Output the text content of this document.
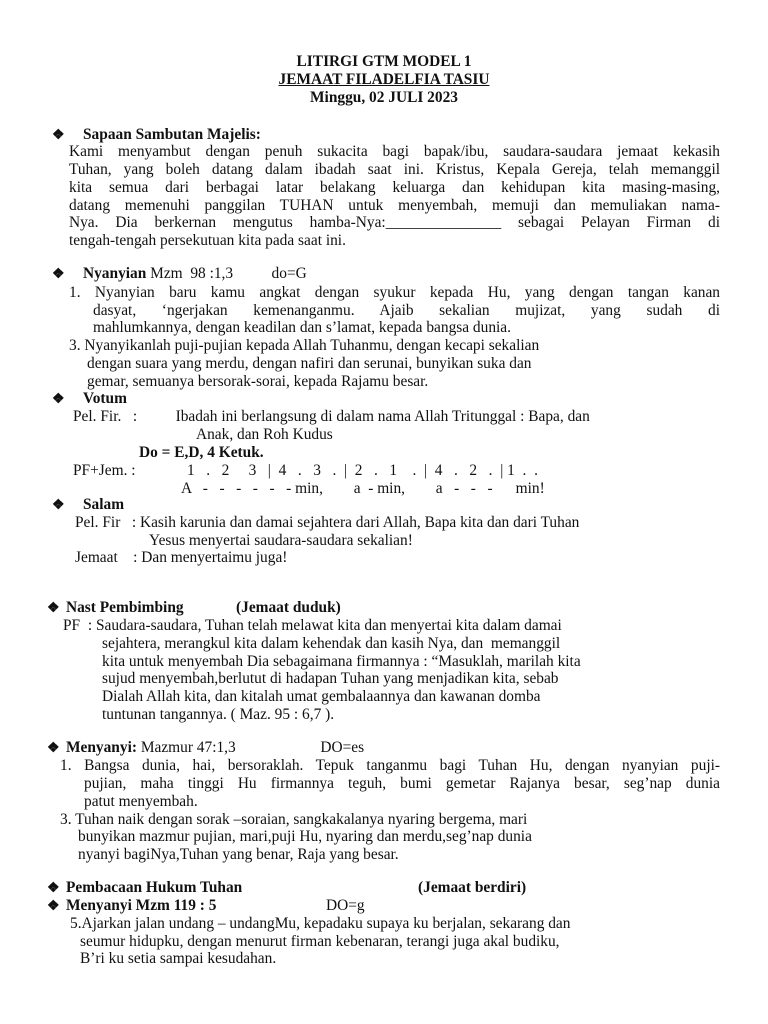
LITIRGI GTM MODEL 1
JEMAAT FILADELFIA TASIU
Minggu, 02 JULI 2023
❖ Sapaan Sambutan Majelis:
Kami menyambut dengan penuh sukacita bagi bapak/ibu, saudara-saudara jemaat kekasih
Tuhan, yang boleh datang dalam ibadah saat ini. Kristus, Kepala Gereja, telah memanggil
kita semua dari berbagai latar belakang keluarga dan kehidupan kita masing-masing,
datang memenuhi panggilan TUHAN untuk menyembah, memuji dan memuliakan nama-
Nya. Dia berkernan mengutus hamba-Nya:_______________ sebagai Pelayan Firman di
tengah-tengah persekutuan kita pada saat ini.
❖ Nyanyian Mzm  98 :1,3          do=G
1. Nyanyian baru kamu angkat dengan syukur kepada Hu, yang dengan tangan kanan
dasyat, ‘ngerjakan kemenanganmu. Ajaib sekalian mujizat, yang sudah di
mahlumkannya, dengan keadilan dan s’lamat, kepada bangsa dunia.
3. Nyanyikanlah puji-pujian kepada Allah Tuhanmu, dengan kecapi sekalian
dengan suara yang merdu, dengan nafiri dan serunai, bunyikan suka dan
gemar, semuanya bersorak-sorai, kepada Rajamu besar.
❖ Votum
Pel. Fir.   :          Ibadah ini berlangsung di dalam nama Allah Tritunggal : Bapa, dan
Anak, dan Roh Kudus
Do = E,D, 4 Ketuk.
PF+Jem. :	1   .   2     3   |  4   .   3   .  |  2   .   1    .  |  4   .   2   .  | 1  .  .
A   -   -   -   -   -   - min,        a  - min,        a   -   -   -      min!
❖ Salam
Pel. Fir   : Kasih karunia dan damai sejahtera dari Allah, Bapa kita dan dari Tuhan
Yesus menyertai saudara-saudara sekalian!
Jemaat    : Dan menyertaimu juga!
❖ Nast Pembimbing	(Jemaat duduk)
PF  : Saudara-saudara, Tuhan telah melawat kita dan menyertai kita dalam damai
sejahtera, merangkul kita dalam kehendak dan kasih Nya, dan  memanggil
kita untuk menyembah Dia sebagaimana firmannya : “Masuklah, marilah kita
sujud menyembah,berlutut di hadapan Tuhan yang menjadikan kita, sebab
Dialah Allah kita, dan kitalah umat gembalaannya dan kawanan domba
tuntunan tangannya. ( Maz. 95 : 6,7 ).
❖ Menyanyi: Mazmur 47:1,3                      DO=es
1. Bangsa dunia, hai, bersoraklah. Tepuk tanganmu bagi Tuhan Hu, dengan nyanyian puji-
pujian, maha tinggi Hu firmannya teguh, bumi gemetar Rajanya besar, seg’nap dunia
patut menyembah.
3. Tuhan naik dengan sorak –soraian, sangkakalanya nyaring bergema, mari
bunyikan mazmur pujian, mari,puji Hu, nyaring dan merdu,seg’nap dunia
nyanyi bagiNya,Tuhan yang benar, Raja yang besar.
❖ Pembacaan Hukum Tuhan	(Jemaat berdiri)
❖ Menyanyi Mzm 119 : 5	DO=g
5.Ajarkan jalan undang – undangMu, kepadaku supaya ku berjalan, sekarang dan
seumur hidupku, dengan menurut firman kebenaran, terangi juga akal budiku,
B’ri ku setia sampai kesudahan.
